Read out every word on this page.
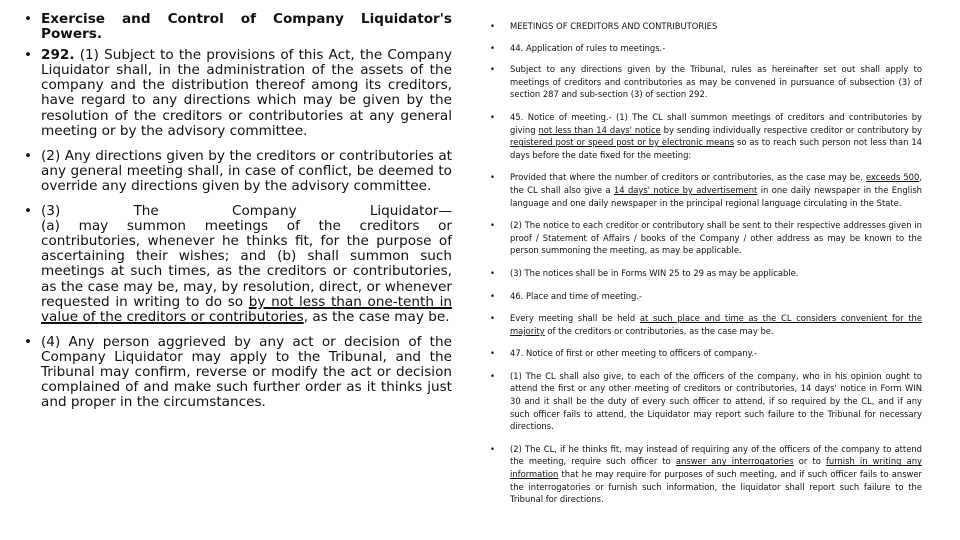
• Exercise and Control of Company Liquidator's Powers.
• 292. (1) Subject to the provisions of this Act, the Company Liquidator shall, in the administration of the assets of the company and the distribution thereof among its creditors, have regard to any directions which may be given by the resolution of the creditors or contributories at any general meeting or by the advisory committee.
• (2) Any directions given by the creditors or contributories at any general meeting shall, in case of conflict, be deemed to override any directions given by the advisory committee.
• (3) The Company Liquidator—
(a) may summon meetings of the creditors or contributories, whenever he thinks fit, for the purpose of ascertaining their wishes; and (b) shall summon such meetings at such times, as the creditors or contributories, as the case may be, may, by resolution, direct, or whenever requested in writing to do so by not less than one-tenth in value of the creditors or contributories, as the case may be.
• (4) Any person aggrieved by any act or decision of the Company Liquidator may apply to the Tribunal, and the Tribunal may confirm, reverse or modify the act or decision complained of and make such further order as it thinks just and proper in the circumstances.
• MEETINGS OF CREDITORS AND CONTRIBUTORIES
• 44. Application of rules to meetings.-
• Subject to any directions given by the Tribunal, rules as hereinafter set out shall apply to meetings of creditors and contributories as may be convened in pursuance of subsection (3) of section 287 and sub-section (3) of section 292.
• 45. Notice of meeting.- (1) The CL shall summon meetings of creditors and contributories by giving not less than 14 days' notice by sending individually respective creditor or contributory by registered post or speed post or by electronic means so as to reach such person not less than 14 days before the date fixed for the meeting:
• Provided that where the number of creditors or contributories, as the case may be, exceeds 500, the CL shall also give a 14 days' notice by advertisement in one daily newspaper in the English language and one daily newspaper in the principal regional language circulating in the State.
• (2) The notice to each creditor or contributory shall be sent to their respective addresses given in proof / Statement of Affairs / books of the Company / other address as may be known to the person summoning the meeting, as may be applicable.
• (3) The notices shall be in Forms WIN 25 to 29 as may be applicable.
• 46. Place and time of meeting.-
• Every meeting shall be held at such place and time as the CL considers convenient for the majority of the creditors or contributories, as the case may be.
• 47. Notice of first or other meeting to officers of company.-
• (1) The CL shall also give, to each of the officers of the company, who in his opinion ought to attend the first or any other meeting of creditors or contributories, 14 days' notice in Form WIN 30 and it shall be the duty of every such officer to attend, if so required by the CL, and if any such officer fails to attend, the Liquidator may report such failure to the Tribunal for necessary directions.
• (2) The CL, if he thinks fit, may instead of requiring any of the officers of the company to attend the meeting, require such officer to answer any interrogatories or to furnish in writing any information that he may require for purposes of such meeting, and if such officer fails to answer the interrogatories or furnish such information, the liquidator shall report such failure to the Tribunal for directions.
